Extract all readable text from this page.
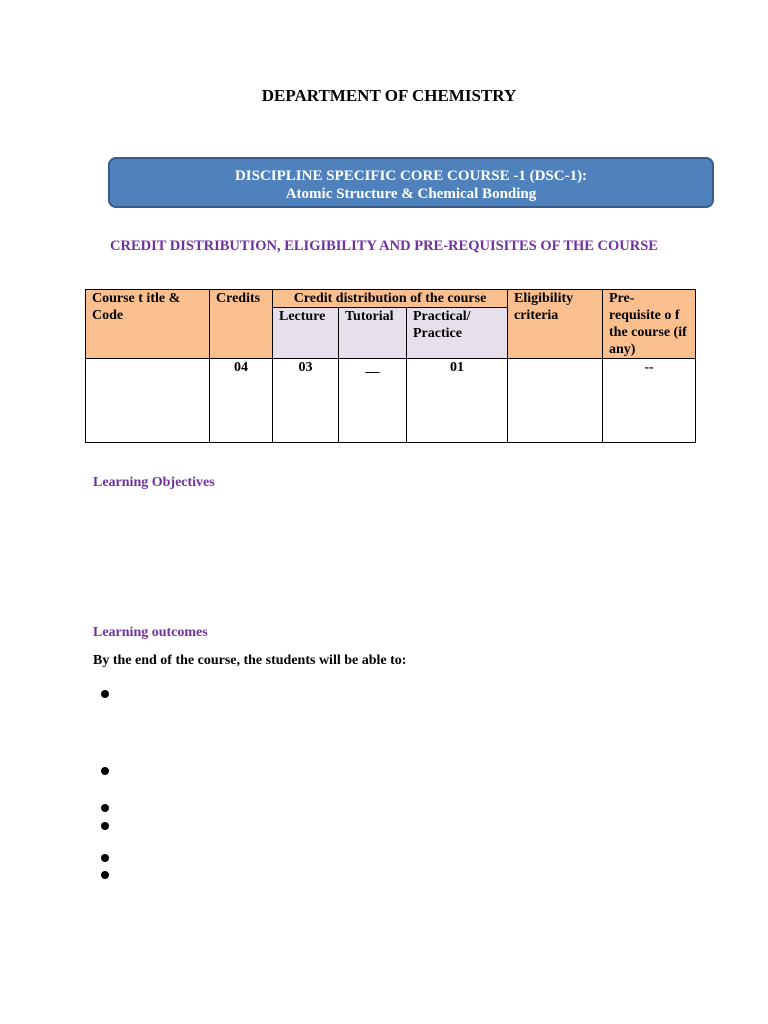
DEPARTMENT OF CHEMISTRY
DISCIPLINE SPECIFIC CORE COURSE -1 (DSC-1):
Atomic Structure & Chemical Bonding
CREDIT DISTRIBUTION, ELIGIBILITY AND PRE-REQUISITES OF THE COURSE
Course t itle & Code	Credits	Credit distribution of the course			Eligibility criteria	Pre- requisite o f the course (if any)
		Lecture	Tutorial	Practical/ Practice		
	04	03	__	01		--
Learning Objectives
Learning outcomes
By the end of the course, the students will be able to:
